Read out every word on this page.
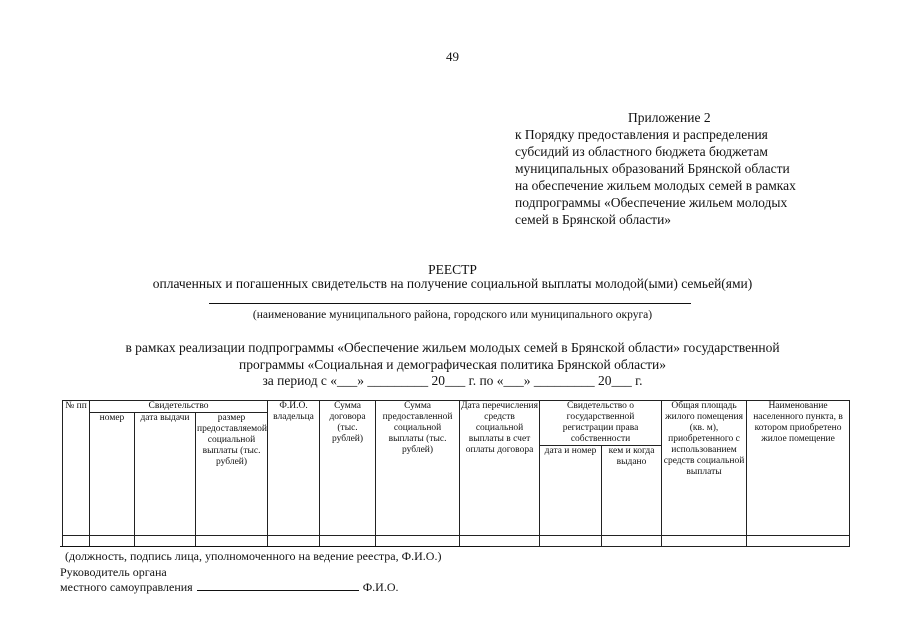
49
Приложение 2
к Порядку предоставления и распределения
субсидий из областного бюджета бюджетам
муниципальных образований Брянской области
на обеспечение жильем молодых семей в рамках
подпрограммы «Обеспечение жильем молодых
семей в Брянской области»
РЕЕСТР
оплаченных и погашенных свидетельств на получение социальной выплаты молодой(ыми) семьей(ями)
(наименование муниципального района, городского или муниципального округа)
в рамках реализации подпрограммы «Обеспечение жильем молодых семей в Брянской области» государственной
программы «Социальная и демографическая политика Брянской области»
за период с «___» _________ 20___ г. по «___» _________ 20___ г.
№ пп	Свидетельство			Ф.И.О. владельца	Сумма договора (тыс. рублей)	Сумма предоставленной социальной выплаты (тыс. рублей)	Дата перечисления средств социальной выплаты в счет оплаты договора	Свидетельство о государственной регистрации права собственности		Общая площадь жилого помещения (кв. м), приобретенного с использованием средств социальной выплаты	Наименование населенного пункта, в котором приобретено жилое помещение
	номер	дата выдачи	размер предоставляемой социальной выплаты (тыс. рублей)								
								дата и номер	кем и когда выдано		

(должность, подпись лица, уполномоченного на ведение реестра, Ф.И.О.)
Руководитель органа
местного самоуправления	Ф.И.О.
